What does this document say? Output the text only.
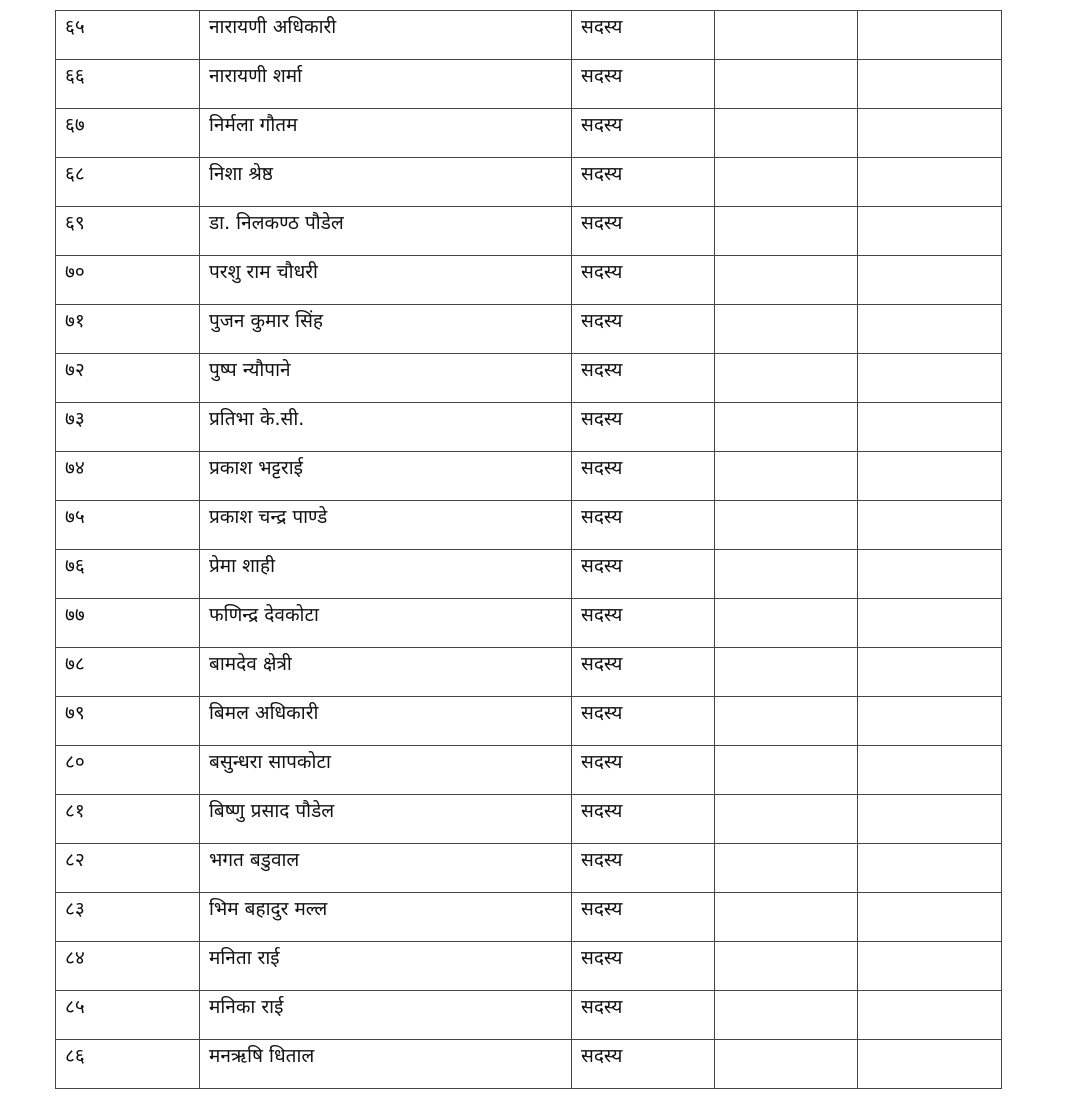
६५	नारायणी अधिकारी	सदस्य		

६६	नारायणी शर्मा	सदस्य		

६७	निर्मला गौतम	सदस्य		

६८	निशा श्रेष्ठ	सदस्य		

६९	डा. निलकण्ठ पौडेल	सदस्य		

७०	परशु राम चौधरी	सदस्य		

७१	पुजन कुमार सिंह	सदस्य		

७२	पुष्प न्यौपाने	सदस्य		

७३	प्रतिभा के.सी.	सदस्य		

७४	प्रकाश भट्टराई	सदस्य		

७५	प्रकाश चन्द्र पाण्डे	सदस्य		

७६	प्रेमा शाही	सदस्य		

७७	फणिन्द्र देवकोटा	सदस्य		

७८	बामदेव क्षेत्री	सदस्य		

७९	बिमल अधिकारी	सदस्य		

८०	बसुन्धरा सापकोटा	सदस्य		

८१	बिष्णु प्रसाद पौडेल	सदस्य		

८२	भगत बडुवाल	सदस्य		

८३	भिम बहादुर मल्ल	सदस्य		

८४	मनिता राई	सदस्य		

८५	मनिका राई	सदस्य		

८६	मनऋषि धिताल	सदस्य		
